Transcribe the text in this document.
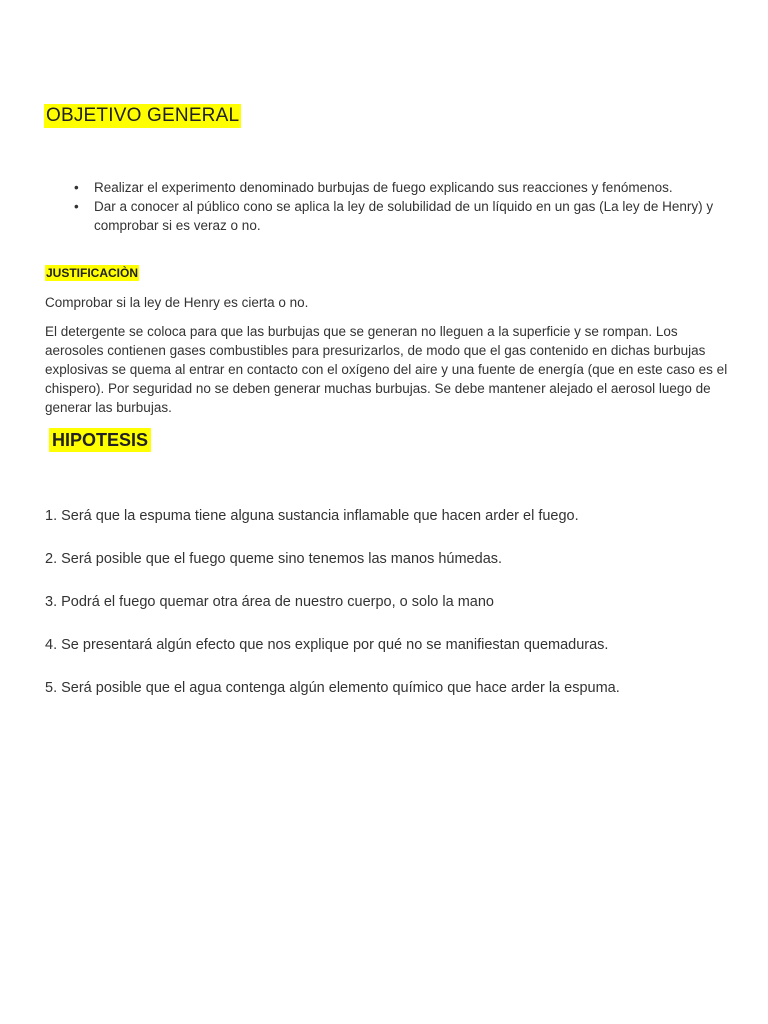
OBJETIVO GENERAL
• Realizar el experimento denominado burbujas de fuego explicando sus reacciones y fenómenos.
• Dar a conocer al público cono se aplica la ley de solubilidad de un líquido en un gas (La ley de Henry) y comprobar si es veraz o no.
JUSTIFICACIÒN

Comprobar si la ley de Henry es cierta o no.

El detergente se coloca para que las burbujas que se generan no lleguen a la superficie y se rompan. Los aerosoles contienen gases combustibles para presurizarlos, de modo que el gas contenido en dichas burbujas explosivas se quema al entrar en contacto con el oxígeno del aire y una fuente de energía (que en este caso es el chispero). Por seguridad no se deben generar muchas burbujas. Se debe mantener alejado el aerosol luego de generar las burbujas.

HIPOTESIS
1. Será que la espuma tiene alguna sustancia inflamable que hacen arder el fuego.
2. Será posible que el fuego queme sino tenemos las manos húmedas.
3. Podrá el fuego quemar otra área de nuestro cuerpo, o solo la mano
4. Se presentará algún efecto que nos explique por qué no se manifiestan quemaduras.
5. Será posible que el agua contenga algún elemento químico que hace arder la espuma.
